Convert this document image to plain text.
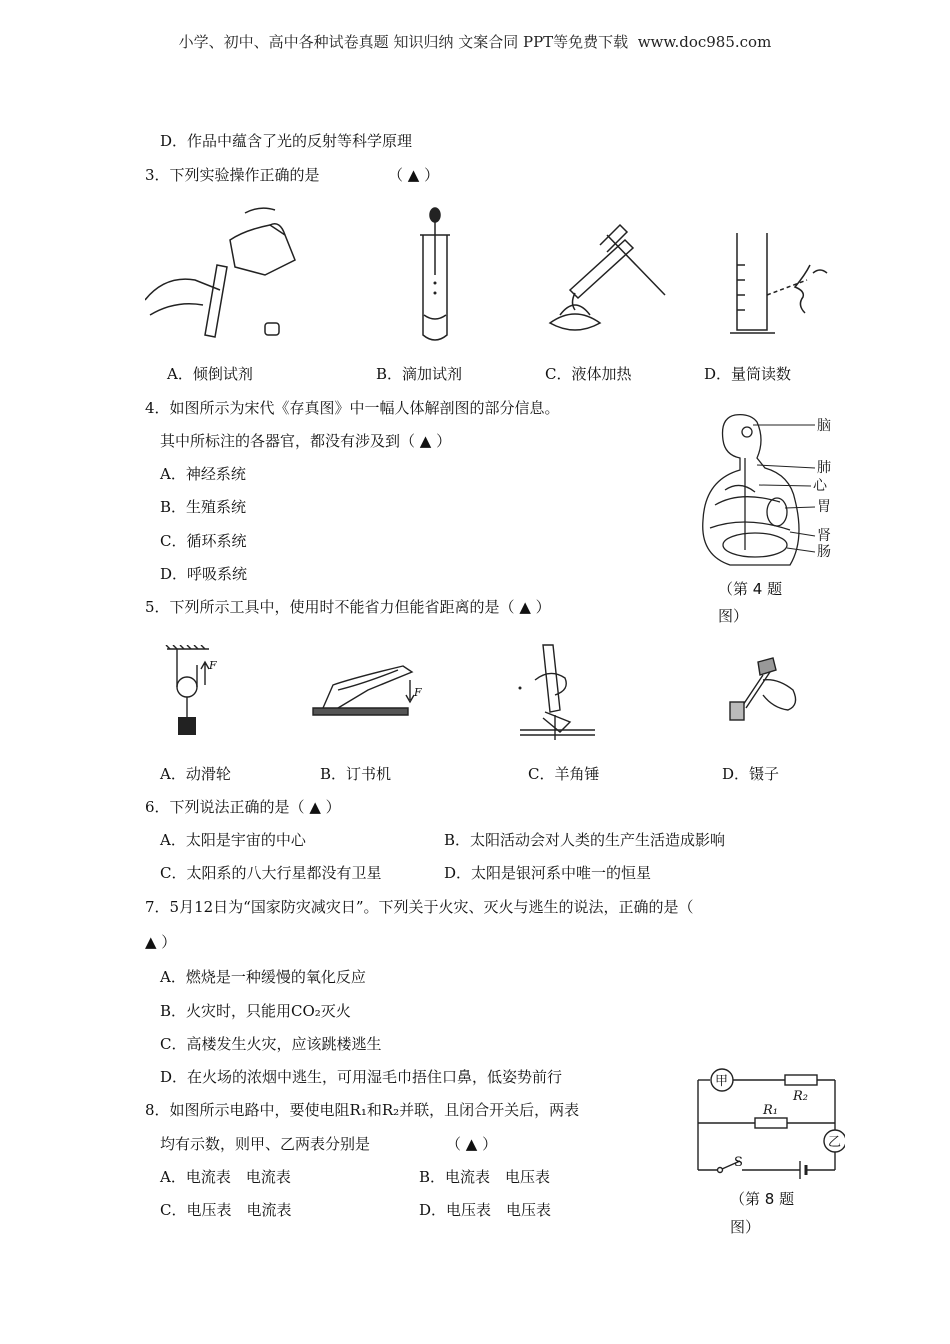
小学、初中、高中各种试卷真题 知识归纳 文案合同 PPT等免费下载 www.doc985.com
D．作品中蕴含了光的反射等科学原理
3．下列实验操作正确的是	（ ▲ ）
A．倾倒试剂	B．滴加试剂	C．液体加热	D．量筒读数
4．如图所示为宋代《存真图》中一幅人体解剖图的部分信息。
其中所标注的各器官，都没有涉及到（ ▲ ）
A．神经系统
B．生殖系统
C．循环系统
D．呼吸系统
脑
肺
心
胃
肾
肠
（第 4 题
图）
5．下列所示工具中，使用时不能省力但能省距离的是（ ▲ ）
F
F
A．动滑轮	B．订书机	C．羊角锤	D．镊子
6．下列说法正确的是（ ▲ ）
A．太阳是宇宙的中心	B．太阳活动会对人类的生产生活造成影响
C．太阳系的八大行星都没有卫星	D．太阳是银河系中唯一的恒星
7．5月12日为“国家防灾减灾日”。下列关于火灾、灭火与逃生的说法，正确的是（
▲ ）
A．燃烧是一种缓慢的氧化反应
B．火灾时，只能用CO₂灭火
C．高楼发生火灾，应该跳楼逃生
D．在火场的浓烟中逃生，可用湿毛巾捂住口鼻，低姿势前行
8．如图所示电路中，要使电阻R₁和R₂并联，且闭合开关后，两表
均有示数，则甲、乙两表分别是	（ ▲ ）
A．电流表　电流表	B．电流表　电压表
C．电压表　电流表	D．电压表　电压表
甲
乙
R₂
R₁
S
（第 8 题
图）
